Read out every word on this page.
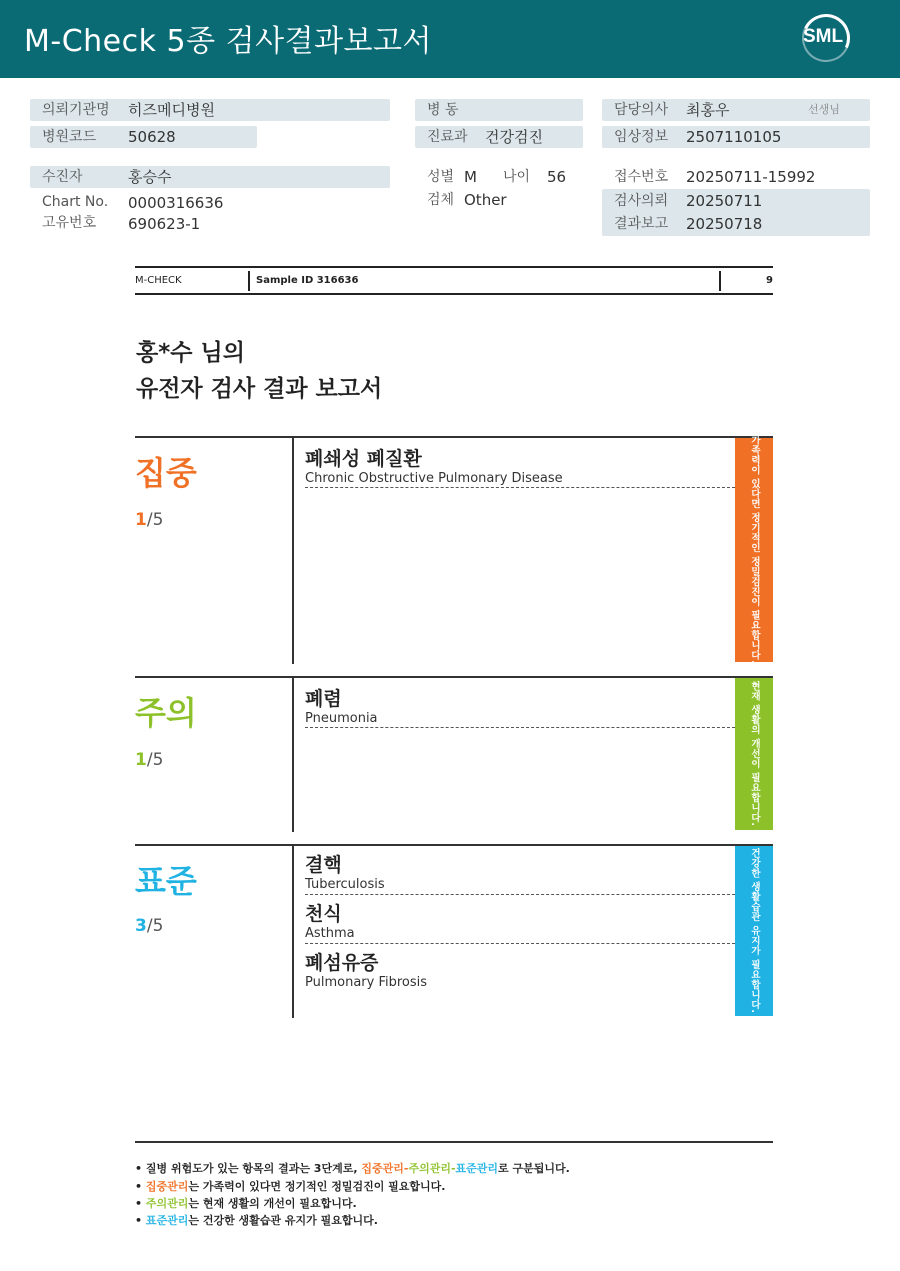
M-Check 5종 검사결과보고서	SML
의뢰기관명 히즈메디병원
병원코드 50628
수진자	홍승수
Chart No. 0000316636
고유번호 690623-1
병 동
진료과 건강검진
성별 M 나이 56
검체 Other
담당의사 최홍우	선생님
임상정보 2507110105
접수번호 20250711-15992
검사의뢰 20250711
결과보고 20250718
M-CHECK	Sample ID 316636	9
홍*수 님의
유전자 검사 결과 보고서
집중
1/5	가족력이 있다면 정기적인 정밀검진이 필요합니다.
폐쇄성 폐질환
Chronic Obstructive Pulmonary Disease
주의
1/5	현재 생활의 개선이 필요합니다.
폐렴
Pneumonia
표준
3/5	건강한 생활습관 유지가 필요합니다.
결핵
Tuberculosis
천식
Asthma
폐섬유증
Pulmonary Fibrosis
• 질병 위험도가 있는 항목의 결과는 3단계로, 집중관리-주의관리-표준관리로 구분됩니다.
• 집중관리는 가족력이 있다면 정기적인 정밀검진이 필요합니다.
• 주의관리는 현재 생활의 개선이 필요합니다.
• 표준관리는 건강한 생활습관 유지가 필요합니다.
